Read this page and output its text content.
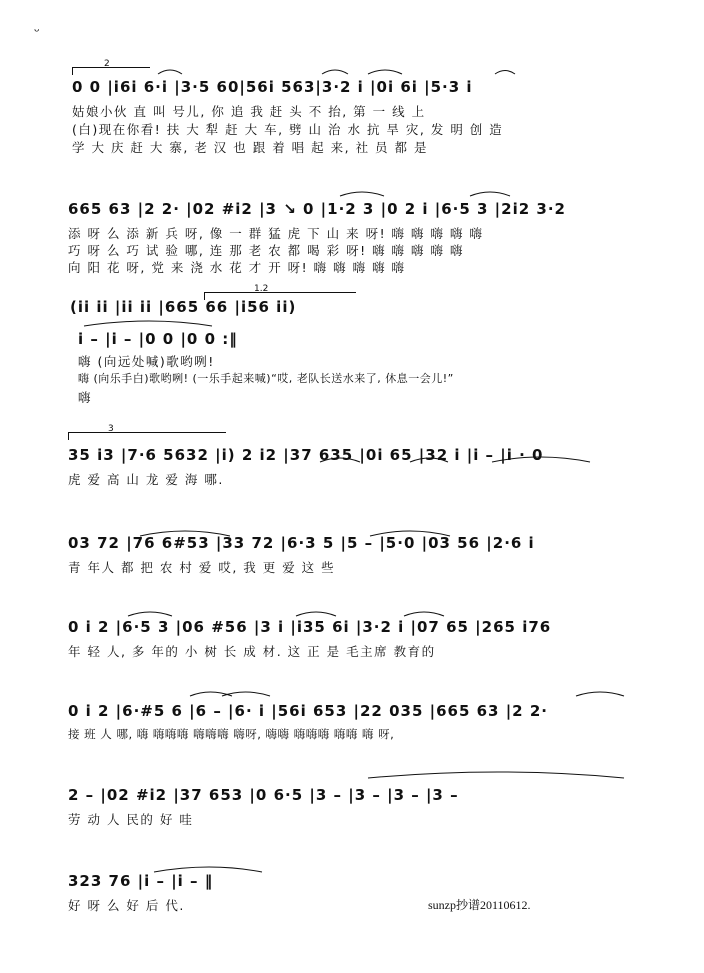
ᵕ
2
1.2
3
0 0 |i6i 6·i |3·5 60|56i 563|3·2 i |0i 6i |5·3 i
姑娘小伙 直 叫 号儿, 你 追 我 赶 头 不 抬, 第 一 线 上
(白)现在你看! 扶 大 犁 赶 大 车, 劈 山 治 水 抗 旱 灾, 发 明 创 造
学 大 庆 赶 大 寨, 老 汉 也 跟 着 唱 起 来, 社 员 都 是
665 63 |2 2· |02 #i2 |3 ↘ 0 |1·2 3 |0 2 i |6·5 3 |2i2 3·2
添 呀 么 添 新 兵 呀, 像 一 群 猛 虎 下 山 来 呀! 嗨 嗨 嗨 嗨 嗨
巧 呀 么 巧 试 验 哪, 连 那 老 农 都 喝 彩 呀! 嗨 嗨 嗨 嗨 嗨
向 阳 花 呀, 党 来 浇 水 花 才 开 呀! 嗨 嗨 嗨 嗨 嗨
(ii ii |ii ii |665 66 |i56 ii)
i – |i – |0 0 |0 0 :‖
嗨 (向远处喊)歌哟咧!
嗨 (向乐手白)歌哟咧! (一乐手起来喊)“哎, 老队长送水来了, 休息一会儿!”
嗨
35 i3 |7·6 5632 |i) 2 i2 |37 635 |0i 65 |32 i |i – |i · 0
虎 爱 高 山 龙 爱 海 哪.
03 72 |76 6#53 |33 72 |6·3 5 |5 – |5·0 |03 56 |2·6 i
青 年人 都 把 农 村 爱 哎, 我 更 爱 这 些
0 i 2 |6·5 3 |06 #56 |3 i |i35 6i |3·2 i |07 65 |265 i76
年 轻 人, 多 年的 小 树 长 成 材. 这 正 是 毛主席 教育的
0 i 2 |6·#5 6 |6 – |6· i |56i 653 |22 035 |665 63 |2 2·
接 班 人 哪, 嗨 嗨嗨嗨 嗨嗨嗨 嗨呀, 嗨嗨 嗨嗨嗨 嗨嗨 嗨 呀,
2 – |02 #i2 |37 653 |0 6·5 |3 – |3 – |3 – |3 –
劳 动 人 民的 好 哇
323 76 |i – |i – ‖
好 呀 么 好 后 代.	sunzp抄谱20110612.
